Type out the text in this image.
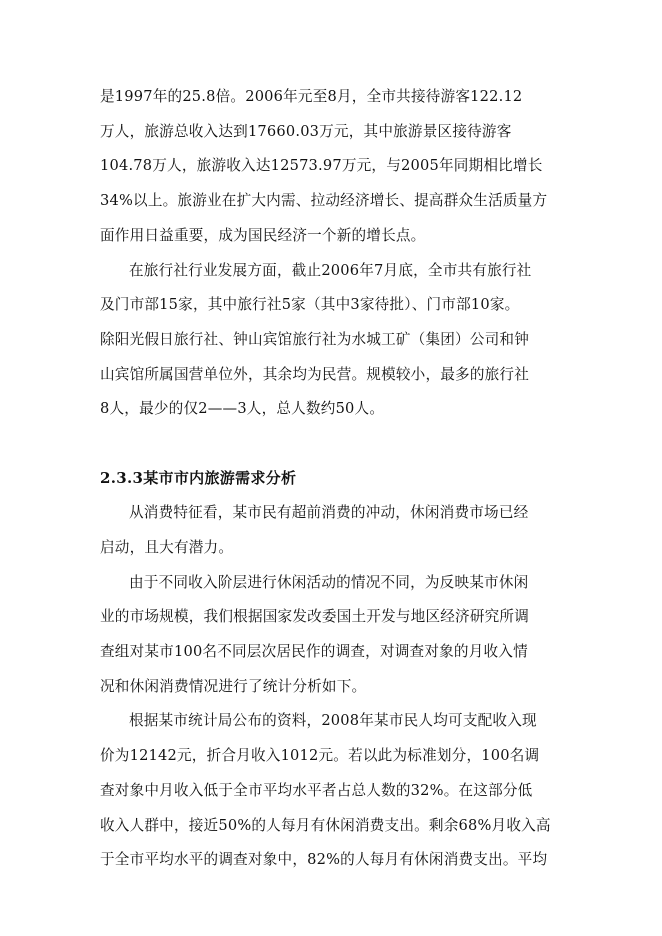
是1997年的25.8倍。2006年元至8月，全市共接待游客122.12
万人，旅游总收入达到17660.03万元，其中旅游景区接待游客
104.78万人，旅游收入达12573.97万元，与2005年同期相比增长
34%以上。旅游业在扩大内需、拉动经济增长、提高群众生活质量方
面作用日益重要，成为国民经济一个新的增长点。
在旅行社行业发展方面，截止2006年7月底，全市共有旅行社
及门市部15家，其中旅行社5家（其中3家待批）、门市部10家。
除阳光假日旅行社、钟山宾馆旅行社为水城工矿（集团）公司和钟
山宾馆所属国营单位外，其余均为民营。规模较小，最多的旅行社
8人，最少的仅2——3人，总人数约50人。
2.3.3某市市内旅游需求分析
从消费特征看，某市民有超前消费的冲动，休闲消费市场已经
启动，且大有潜力。
由于不同收入阶层进行休闲活动的情况不同，为反映某市休闲
业的市场规模，我们根据国家发改委国土开发与地区经济研究所调
查组对某市100名不同层次居民作的调查，对调查对象的月收入情
况和休闲消费情况进行了统计分析如下。
根据某市统计局公布的资料，2008年某市民人均可支配收入现
价为12142元，折合月收入1012元。若以此为标准划分，100名调
查对象中月收入低于全市平均水平者占总人数的32%。在这部分低
收入人群中，接近50%的人每月有休闲消费支出。剩余68%月收入高
于全市平均水平的调查对象中，82%的人每月有休闲消费支出。平均
